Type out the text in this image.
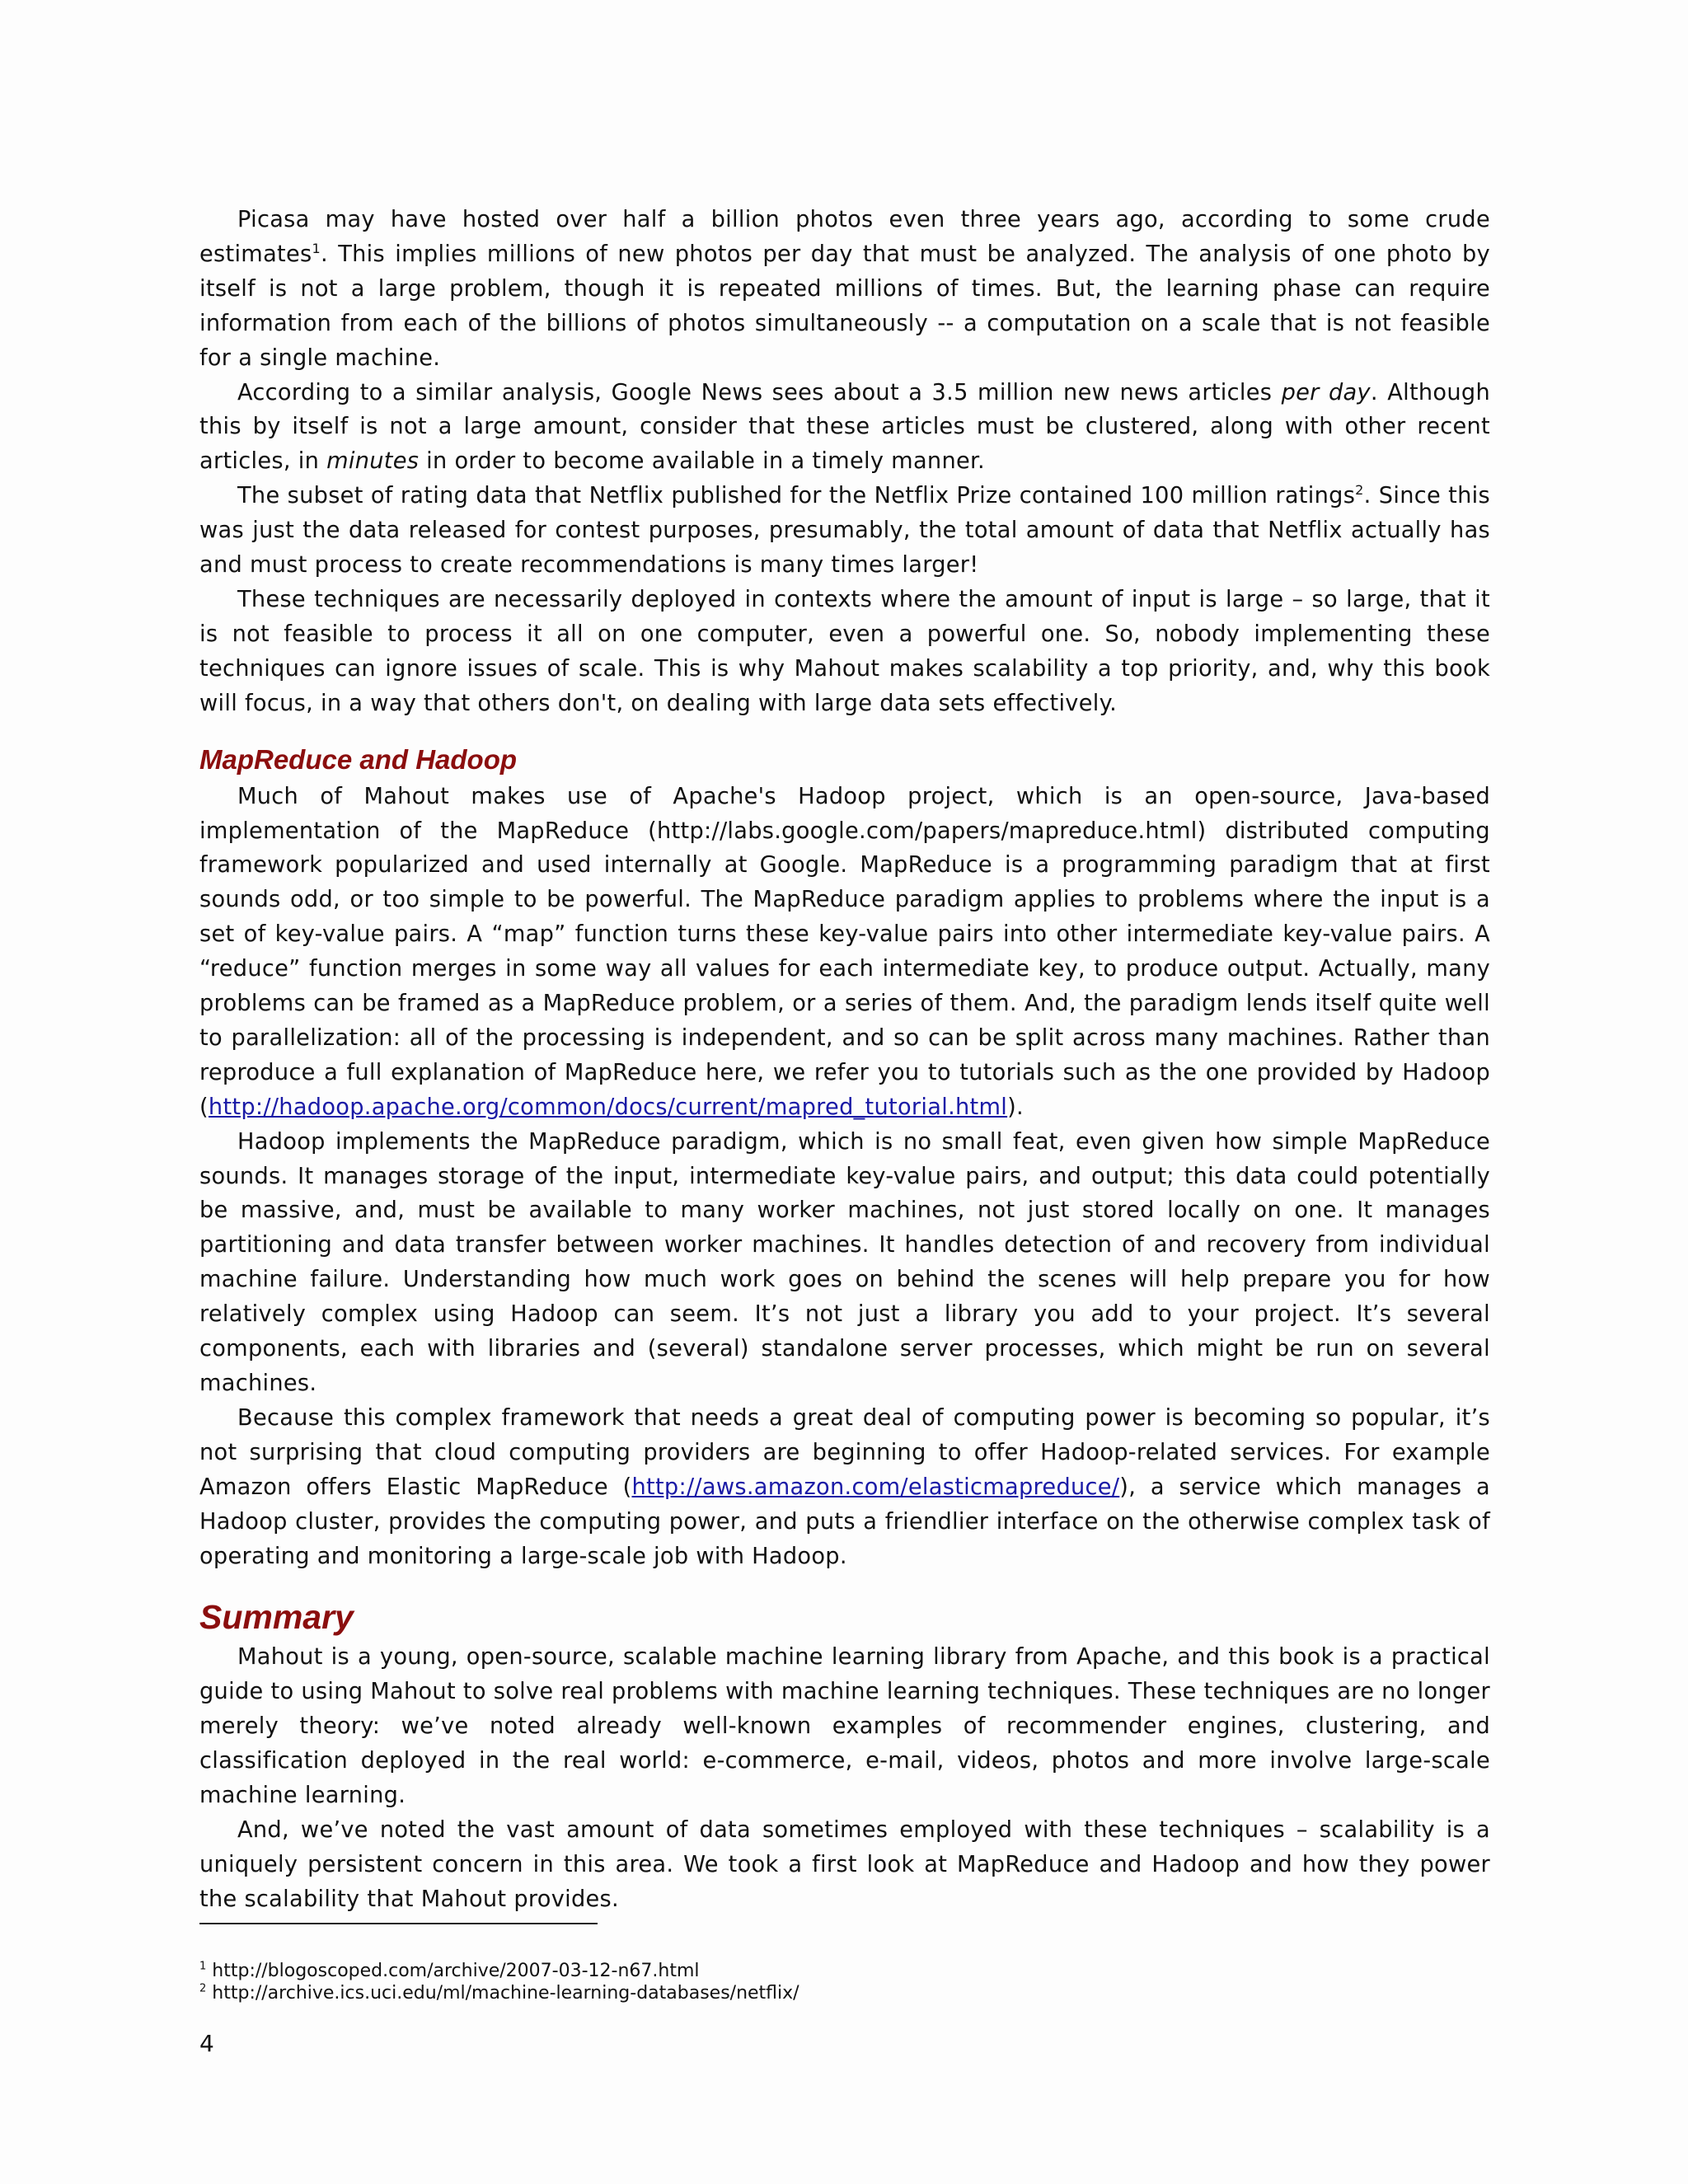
Picasa may have hosted over half a billion photos even three years ago, according to some crude estimates$^1$. This implies millions of new photos per day that must be analyzed. The analysis of one photo by itself is not a large problem, though it is repeated millions of times. But, the learning phase can require information from each of the billions of photos simultaneously -- a computation on a scale that is not feasible for a single machine.

According to a similar analysis, Google News sees about a 3.5 million new news articles per day. Although this by itself is not a large amount, consider that these articles must be clustered, along with other recent articles, in minutes in order to become available in a timely manner.

The subset of rating data that Netflix published for the Netflix Prize contained 100 million ratings$^2$. Since this was just the data released for contest purposes, presumably, the total amount of data that Netflix actually has and must process to create recommendations is many times larger!

These techniques are necessarily deployed in contexts where the amount of input is large – so large, that it is not feasible to process it all on one computer, even a powerful one. So, nobody implementing these techniques can ignore issues of scale. This is why Mahout makes scalability a top priority, and, why this book will focus, in a way that others don't, on dealing with large data sets effectively.

MapReduce and Hadoop

Much of Mahout makes use of Apache's Hadoop project, which is an open-source, Java-based implementation of the MapReduce (http://labs.google.com/papers/mapreduce.html) distributed computing framework popularized and used internally at Google. MapReduce is a programming paradigm that at first sounds odd, or too simple to be powerful. The MapReduce paradigm applies to problems where the input is a set of key-value pairs. A “map” function turns these key-value pairs into other intermediate key-value pairs. A “reduce” function merges in some way all values for each intermediate key, to produce output. Actually, many problems can be framed as a MapReduce problem, or a series of them. And, the paradigm lends itself quite well to parallelization: all of the processing is independent, and so can be split across many machines. Rather than reproduce a full explanation of MapReduce here, we refer you to tutorials such as the one provided by Hadoop (http://hadoop.apache.org/common/docs/current/mapred_tutorial.html).

Hadoop implements the MapReduce paradigm, which is no small feat, even given how simple MapReduce sounds. It manages storage of the input, intermediate key-value pairs, and output; this data could potentially be massive, and, must be available to many worker machines, not just stored locally on one. It manages partitioning and data transfer between worker machines. It handles detection of and recovery from individual machine failure. Understanding how much work goes on behind the scenes will help prepare you for how relatively complex using Hadoop can seem. It’s not just a library you add to your project. It’s several components, each with libraries and (several) standalone server processes, which might be run on several machines.

Because this complex framework that needs a great deal of computing power is becoming so popular, it’s not surprising that cloud computing providers are beginning to offer Hadoop-related services. For example Amazon offers Elastic MapReduce (http://aws.amazon.com/elasticmapreduce/), a service which manages a Hadoop cluster, provides the computing power, and puts a friendlier interface on the otherwise complex task of operating and monitoring a large-scale job with Hadoop.

Summary

Mahout is a young, open-source, scalable machine learning library from Apache, and this book is a practical guide to using Mahout to solve real problems with machine learning techniques. These techniques are no longer merely theory: we’ve noted already well-known examples of recommender engines, clustering, and classification deployed in the real world: e-commerce, e-mail, videos, photos and more involve large-scale machine learning.

And, we’ve noted the vast amount of data sometimes employed with these techniques – scalability is a uniquely persistent concern in this area. We took a first look at MapReduce and Hadoop and how they power the scalability that Mahout provides.

$^1$ http://blogoscoped.com/archive/2007-03-12-n67.html
$^2$ http://archive.ics.uci.edu/ml/machine-learning-databases/netflix/
4
